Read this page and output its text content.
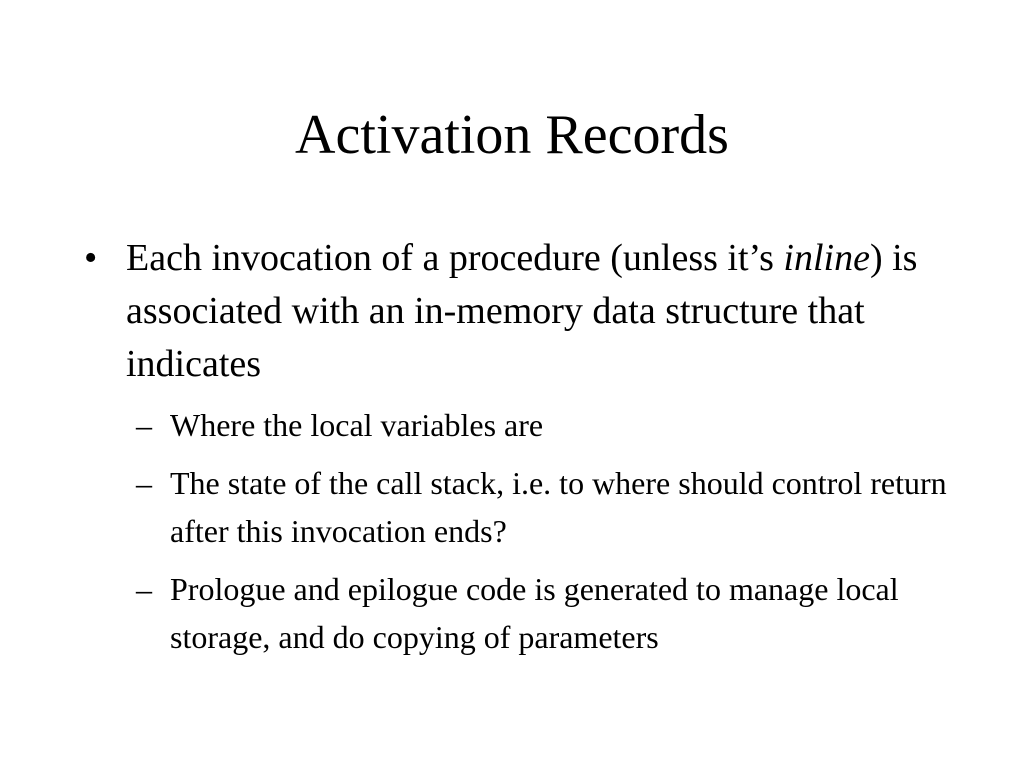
Activation Records
• Each invocation of a procedure (unless it’s inline) is associated with an in-memory data structure that indicates
– Where the local variables are
– The state of the call stack, i.e. to where should control return after this invocation ends?
– Prologue and epilogue code is generated to manage local storage, and do copying of parameters
